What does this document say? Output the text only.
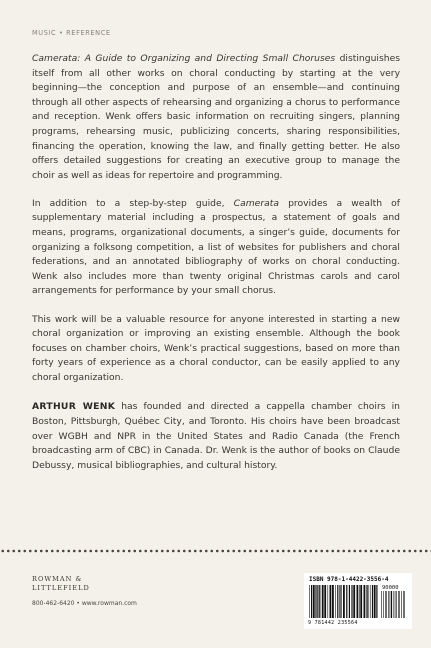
MUSIC • REFERENCE

Camerata: A Guide to Organizing and Directing Small Choruses distinguishes itself from all other works on choral conducting by starting at the very beginning—the conception and purpose of an ensemble—and continuing through all other aspects of rehearsing and organizing a chorus to performance and reception. Wenk offers basic information on recruiting singers, planning programs, rehearsing music, publicizing concerts, sharing responsibilities, financing the operation, knowing the law, and finally getting better. He also offers detailed suggestions for creating an executive group to manage the choir as well as ideas for repertoire and programming.

In addition to a step-by-step guide, Camerata provides a wealth of supplementary material including a prospectus, a statement of goals and means, programs, organizational documents, a singer’s guide, documents for organizing a folksong competition, a list of websites for publishers and choral federations, and an annotated bibliography of works on choral conducting. Wenk also includes more than twenty original Christmas carols and carol arrangements for performance by your small chorus.

This work will be a valuable resource for anyone interested in starting a new choral organization or improving an existing ensemble. Although the book focuses on chamber choirs, Wenk’s practical suggestions, based on more than forty years of experience as a choral conductor, can be easily applied to any choral organization.

ARTHUR WENK has founded and directed a cappella chamber choirs in Boston, Pittsburgh, Québec City, and Toronto. His choirs have been broadcast over WGBH and NPR in the United States and Radio Canada (the French broadcasting arm of CBC) in Canada. Dr. Wenk is the author of books on Claude Debussy, musical bibliographies, and cultural history.

ROWMAN &
LITTLEFIELD
800-462-6420 • www.rowman.com
ISBN 978-1-4422-3556-4
90000
9 781442 235564
